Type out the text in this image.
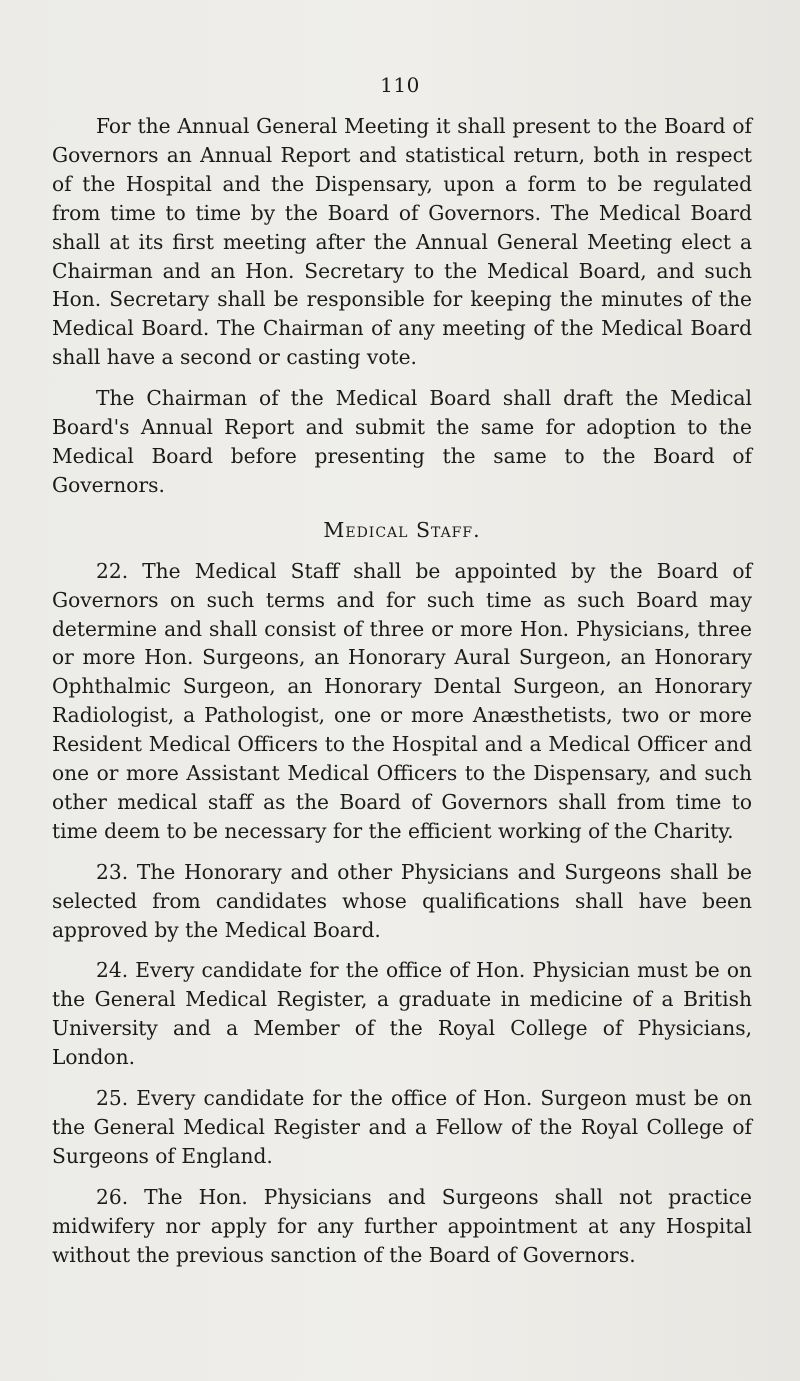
110

For the Annual General Meeting it shall present to the Board of Governors an Annual Report and statistical return, both in respect of the Hospital and the Dispensary, upon a form to be regulated from time to time by the Board of Governors. The Medical Board shall at its first meeting after the Annual General Meeting elect a Chairman and an Hon. Secretary to the Medical Board, and such Hon. Secretary shall be responsible for keeping the minutes of the Medical Board. The Chairman of any meeting of the Medical Board shall have a second or casting vote.

The Chairman of the Medical Board shall draft the Medical Board's Annual Report and submit the same for adoption to the Medical Board before presenting the same to the Board of Governors.

Medical Staff.

22. The Medical Staff shall be appointed by the Board of Governors on such terms and for such time as such Board may determine and shall consist of three or more Hon. Physicians, three or more Hon. Surgeons, an Honorary Aural Surgeon, an Honorary Ophthalmic Surgeon, an Honorary Dental Surgeon, an Honorary Radiologist, a Pathologist, one or more Anæsthetists, two or more Resident Medical Officers to the Hospital and a Medical Officer and one or more Assistant Medical Officers to the Dispensary, and such other medical staff as the Board of Governors shall from time to time deem to be necessary for the efficient working of the Charity.

23. The Honorary and other Physicians and Surgeons shall be selected from candidates whose qualifications shall have been approved by the Medical Board.

24. Every candidate for the office of Hon. Physician must be on the General Medical Register, a graduate in medicine of a British University and a Member of the Royal College of Physicians, London.

25. Every candidate for the office of Hon. Surgeon must be on the General Medical Register and a Fellow of the Royal College of Surgeons of England.

26. The Hon. Physicians and Surgeons shall not practice midwifery nor apply for any further appointment at any Hospital without the previous sanction of the Board of Governors.
